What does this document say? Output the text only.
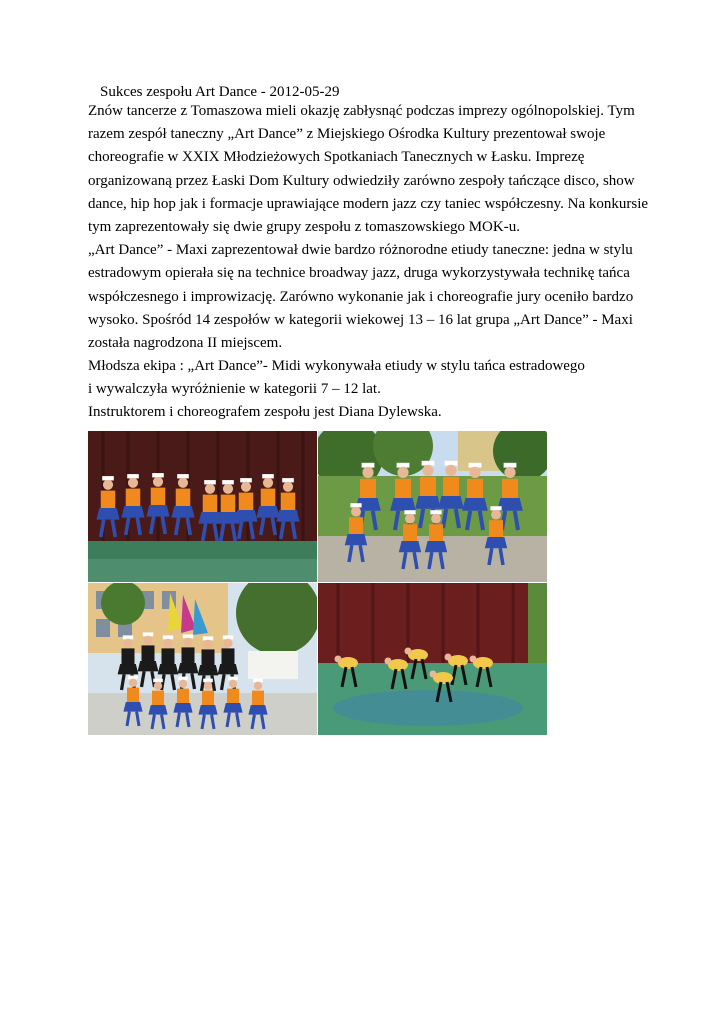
Sukces zespołu Art Dance - 2012-05-29
Znów tancerze z Tomaszowa mieli okazję zabłysnąć podczas imprezy ogólnopolskiej. Tym
razem zespół taneczny „Art Dance” z Miejskiego Ośrodka Kultury prezentował swoje
choreografie w XXIX Młodzieżowych Spotkaniach Tanecznych w Łasku. Imprezę
organizowaną przez Łaski Dom Kultury odwiedziły zarówno zespoły tańczące disco, show
dance, hip hop jak i formacje uprawiające modern jazz czy taniec współczesny. Na konkursie
tym zaprezentowały się dwie grupy zespołu z tomaszowskiego MOK-u.
„Art Dance” - Maxi zaprezentował dwie bardzo różnorodne etiudy taneczne: jedna w stylu
estradowym opierała się na technice broadway jazz, druga wykorzystywała technikę tańca
współczesnego i improwizację. Zarówno wykonanie jak i choreografie jury oceniło bardzo
wysoko. Spośród 14 zespołów w kategorii wiekowej 13 – 16 lat grupa „Art Dance” - Maxi
została nagrodzona II miejscem.
Młodsza ekipa : „Art Dance”- Midi wykonywała etiudy w stylu tańca estradowego
i wywalczyła wyróżnienie w kategorii 7 – 12 lat.
Instruktorem i choreografem zespołu jest Diana Dylewska.
